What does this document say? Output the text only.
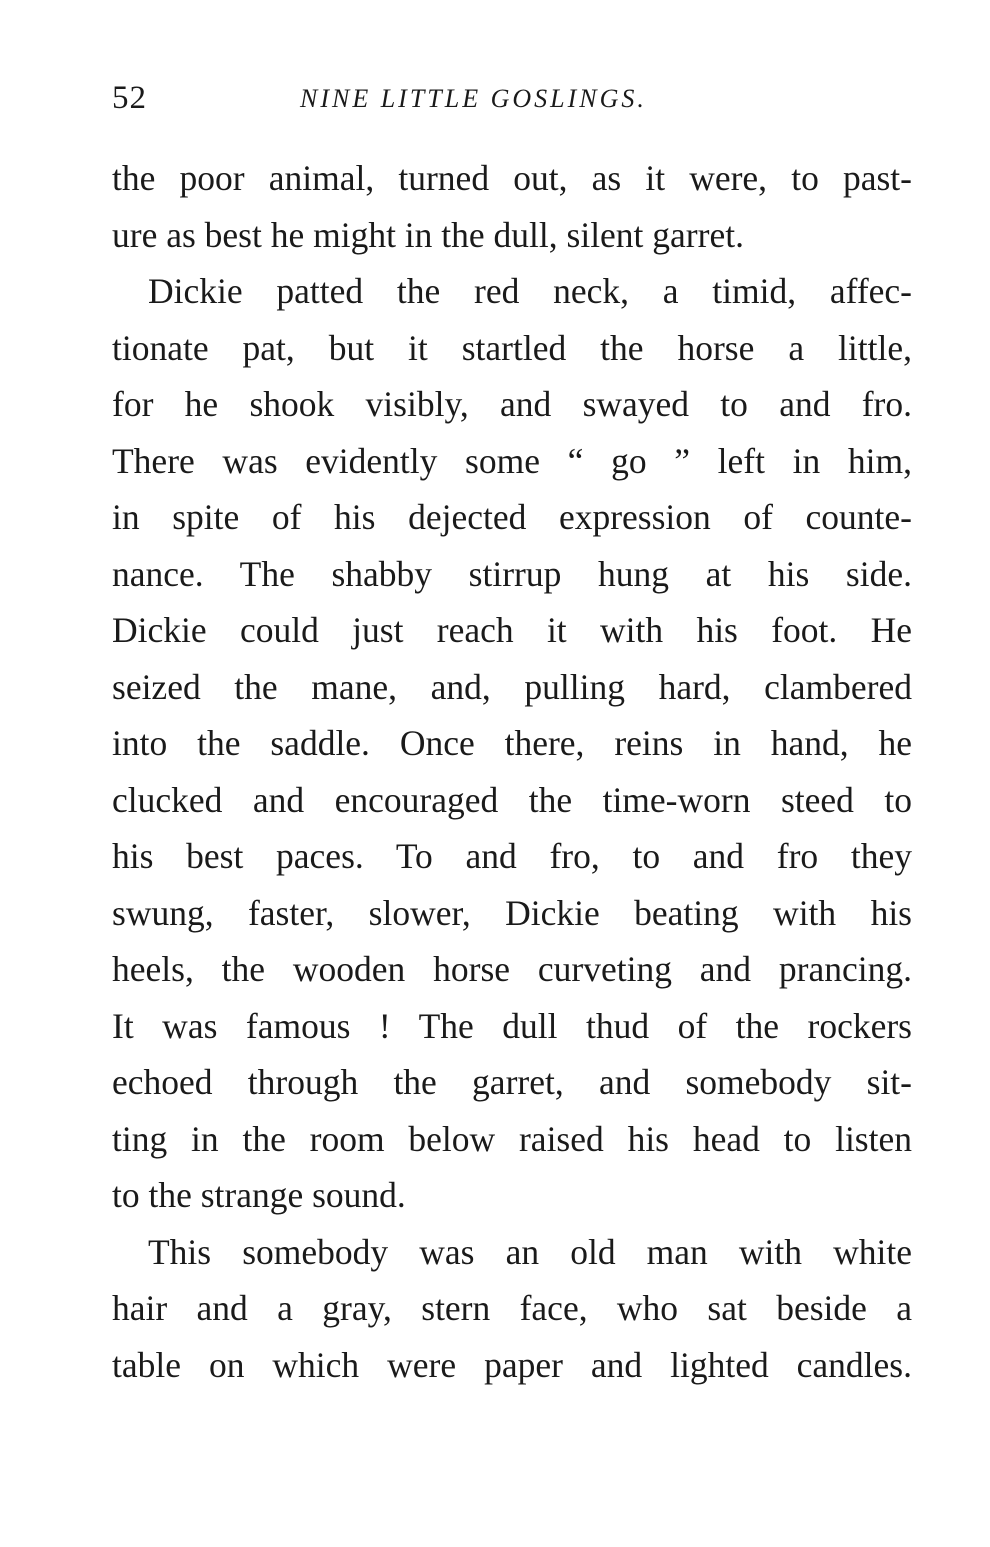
52	NINE LITTLE GOSLINGS.

the poor animal, turned out, as it were, to past-
ure as best he might in the dull, silent garret.

Dickie patted the red neck, a timid, affec-
tionate pat, but it startled the horse a little,
for he shook visibly, and swayed to and fro.
There was evidently some “ go ” left in him,
in spite of his dejected expression of counte-
nance. The shabby stirrup hung at his side.
Dickie could just reach it with his foot. He
seized the mane, and, pulling hard, clambered
into the saddle. Once there, reins in hand, he
clucked and encouraged the time-worn steed to
his best paces. To and fro, to and fro they
swung, faster, slower, Dickie beating with his
heels, the wooden horse curveting and prancing.
It was famous ! The dull thud of the rockers
echoed through the garret, and somebody sit-
ting in the room below raised his head to listen
to the strange sound.

This somebody was an old man with white
hair and a gray, stern face, who sat beside a
table on which were paper and lighted candles.
